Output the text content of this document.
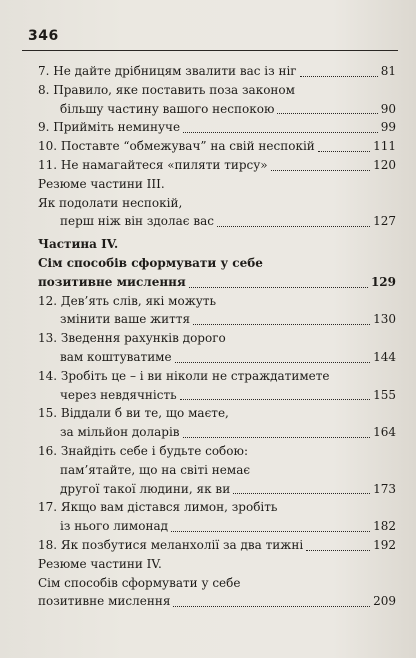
346
7. Не дайте дрібницям звалити вас із ніг	81
8. Правило, яке поставить поза законом
більшу частину вашого неспокою	90
9. Прийміть неминуче	99
10. Поставте “обмежувач” на свій неспокій	111
11. Не намагайтеся «пиляти тирсу»	120
Резюме частини III.
Як подолати неспокій,
перш ніж він здолає вас	127
Частина IV.
Сім способів сформувати у себе
позитивне мислення	129
12. Дев’ять слів, які можуть
змінити ваше життя	130
13. Зведення рахунків дорого
вам коштуватиме	144
14. Зробіть це – і ви ніколи не страждатимете
через невдячність	155
15. Віддали б ви те, що маєте,
за мільйон доларів	164
16. Знайдіть себе і будьте собою:
пам’ятайте, що на світі немає
другої такої людини, як ви	173
17. Якщо вам дістався лимон, зробіть
із нього лимонад	182
18. Як позбутися меланхолії за два тижні	192
Резюме частини IV.
Сім способів сформувати у себе
позитивне мислення	209
